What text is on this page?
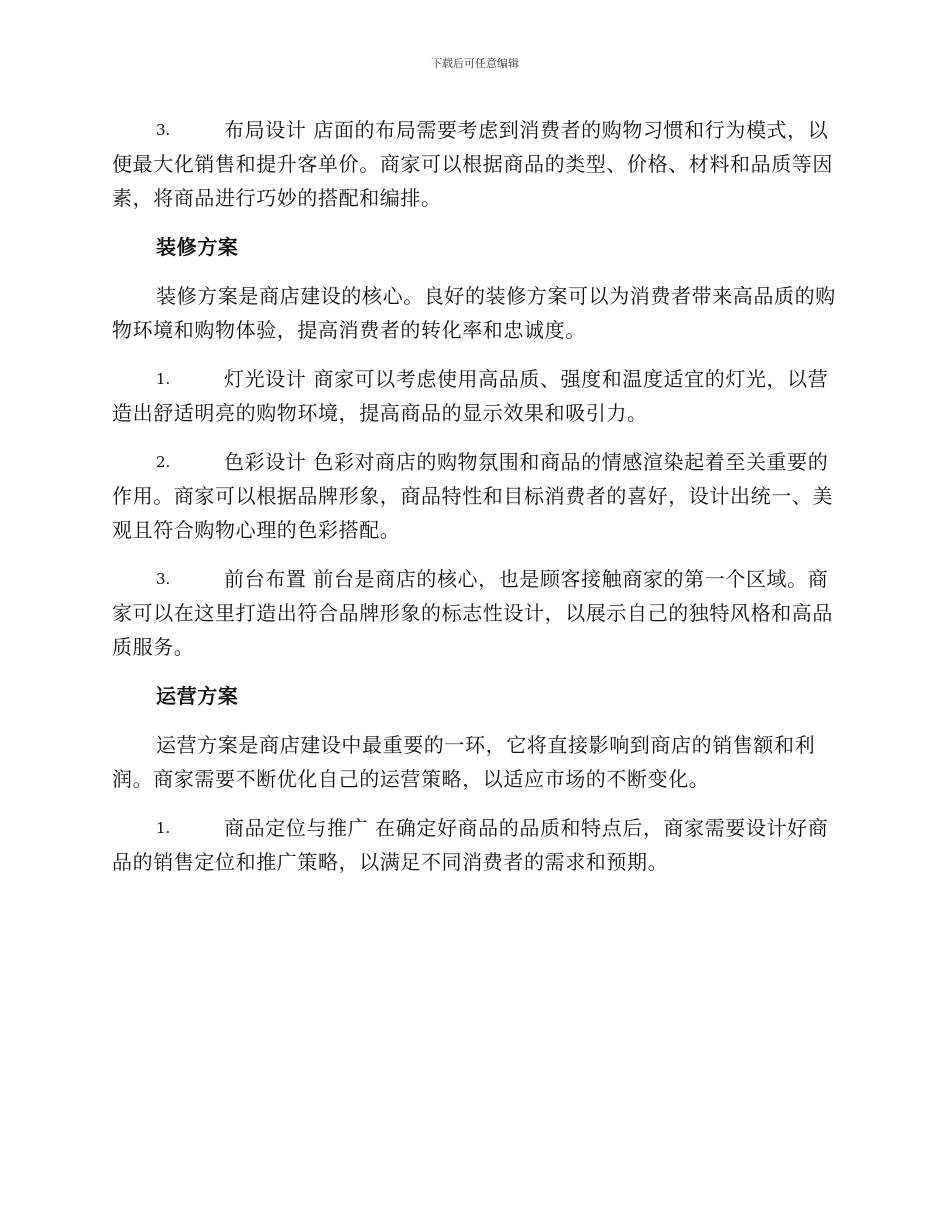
下载后可任意编辑

3.	布局设计 店面的布局需要考虑到消费者的购物习惯和行为模式，以便最大化销售和提升客单价。商家可以根据商品的类型、价格、材料和品质等因素，将商品进行巧妙的搭配和编排。

装修方案

装修方案是商店建设的核心。良好的装修方案可以为消费者带来高品质的购物环境和购物体验，提高消费者的转化率和忠诚度。

1.	灯光设计 商家可以考虑使用高品质、强度和温度适宜的灯光，以营造出舒适明亮的购物环境，提高商品的显示效果和吸引力。

2.	色彩设计 色彩对商店的购物氛围和商品的情感渲染起着至关重要的作用。商家可以根据品牌形象，商品特性和目标消费者的喜好，设计出统一、美观且符合购物心理的色彩搭配。

3.	前台布置 前台是商店的核心，也是顾客接触商家的第一个区域。商家可以在这里打造出符合品牌形象的标志性设计，以展示自己的独特风格和高品质服务。

运营方案

运营方案是商店建设中最重要的一环，它将直接影响到商店的销售额和利润。商家需要不断优化自己的运营策略，以适应市场的不断变化。

1.	商品定位与推广 在确定好商品的品质和特点后，商家需要设计好商品的销售定位和推广策略，以满足不同消费者的需求和预期。
